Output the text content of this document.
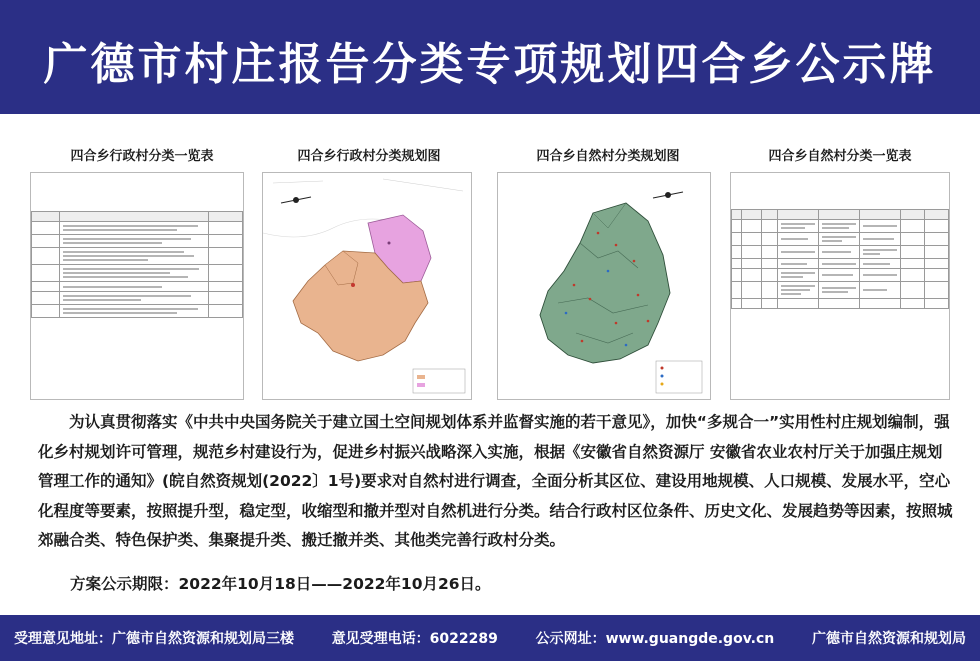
广德市村庄报告分类专项规划四合乡公示牌
四合乡行政村分类一览表	四合乡行政村分类规划图	四合乡自然村分类规划图	四合乡自然村分类一览表

为认真贯彻落实《中共中央国务院关于建立国土空间规划体系并监督实施的若干意见》，加快“多规合一”实用性村庄规划编制，强化乡村规划许可管理，规范乡村建设行为，促进乡村振兴战略深入实施，根据《安徽省自然资源厅 安徽省农业农村厅关于加强庄规划管理工作的通知》(皖自然资规划(2022〕1号)要求对自然村进行调查，全面分析其区位、建设用地规模、人口规模、发展水平，空心化程度等要素，按照提升型，稳定型，收缩型和撤并型对自然机进行分类。结合行政村区位条件、历史文化、发展趋势等因素，按照城郊融合类、特色保护类、集聚提升类、搬迁撤并类、其他类完善行政村分类。
方案公示期限：2022年10月18日——2022年10月26日。
受理意见地址：广德市自然资源和规划局三楼	意见受理电话：6022289	公示网址：www.guangde.gov.cn	广德市自然资源和规划局
